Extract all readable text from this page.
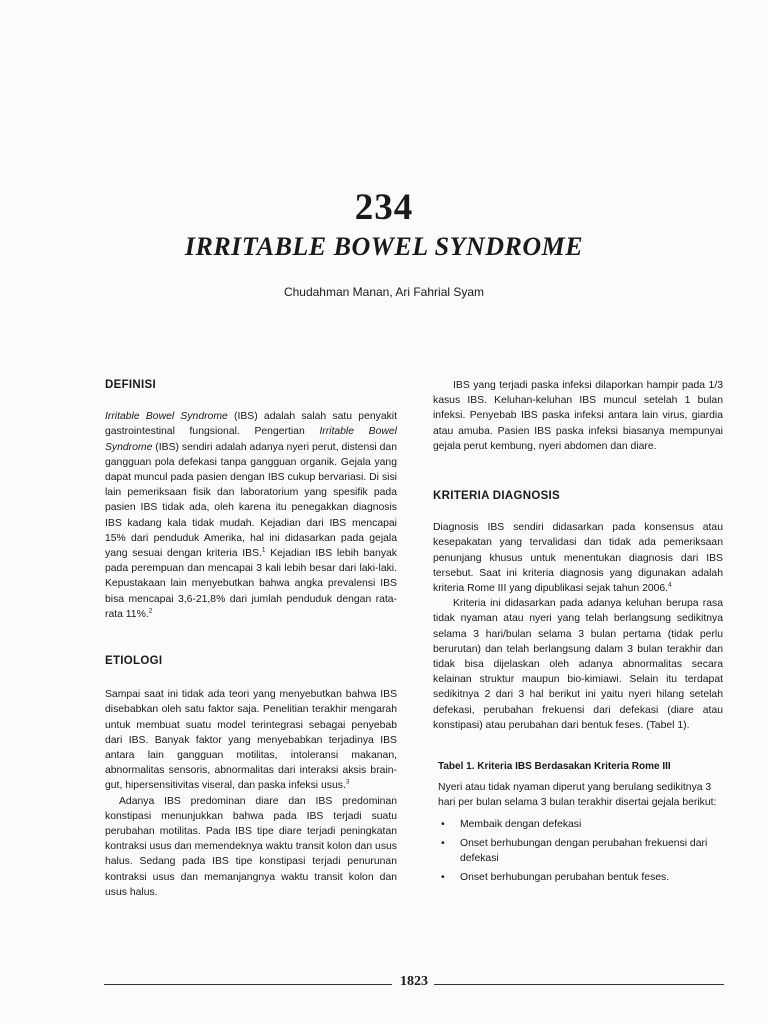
234
IRRITABLE BOWEL SYNDROME
Chudahman Manan, Ari Fahrial Syam
DEFINISI

Irritable Bowel Syndrome (IBS) adalah salah satu penyakit gastrointestinal fungsional. Pengertian Irritable Bowel Syndrome (IBS) sendiri adalah adanya nyeri perut, distensi dan gangguan pola defekasi tanpa gangguan organik. Gejala yang dapat muncul pada pasien dengan IBS cukup bervariasi. Di sisi lain pemeriksaan fisik dan laboratorium yang spesifik pada pasien IBS tidak ada, oleh karena itu penegakkan diagnosis IBS kadang kala tidak mudah. Kejadian dari IBS mencapai 15% dari penduduk Amerika, hal ini didasarkan pada gejala yang sesuai dengan kriteria IBS.$^1$ Kejadian IBS lebih banyak pada perempuan dan mencapai 3 kali lebih besar dari laki-laki. Kepustakaan lain menyebutkan bahwa angka prevalensi IBS bisa mencapai 3,6-21,8% dari jumlah penduduk dengan rata-rata 11%.$^2$

ETIOLOGI

Sampai saat ini tidak ada teori yang menyebutkan bahwa IBS disebabkan oleh satu faktor saja. Penelitian terakhir mengarah untuk membuat suatu model terintegrasi sebagai penyebab dari IBS. Banyak faktor yang menyebabkan terjadinya IBS antara lain gangguan motilitas, intoleransi makanan, abnormalitas sensoris, abnormalitas dari interaksi aksis brain-gut, hipersensitivitas viseral, dan paska infeksi usus.$^3$

Adanya IBS predominan diare dan IBS predominan konstipasi menunjukkan bahwa pada IBS terjadi suatu perubahan motilitas. Pada IBS tipe diare terjadi peningkatan kontraksi usus dan memendeknya waktu transit kolon dan usus halus. Sedang pada IBS tipe konstipasi terjadi penurunan kontraksi usus dan memanjangnya waktu transit kolon dan usus halus.

IBS yang terjadi paska infeksi dilaporkan hampir pada 1/3 kasus IBS. Keluhan-keluhan IBS muncul setelah 1 bulan infeksi. Penyebab IBS paska infeksi antara lain virus, giardia atau amuba. Pasien IBS paska infeksi biasanya mempunyai gejala perut kembung, nyeri abdomen dan diare.

KRITERIA DIAGNOSIS

Diagnosis IBS sendiri didasarkan pada konsensus atau kesepakatan yang tervalidasi dan tidak ada pemeriksaan penunjang khusus untuk menentukan diagnosis dari IBS tersebut. Saat ini kriteria diagnosis yang digunakan adalah kriteria Rome III yang dipublikasi sejak tahun 2006.$^4$

Kriteria ini didasarkan pada adanya keluhan berupa rasa tidak nyaman atau nyeri yang telah berlangsung sedikitnya selama 3 hari/bulan selama 3 bulan pertama (tidak perlu berurutan) dan telah berlangsung dalam 3 bulan terakhir dan tidak bisa dijelaskan oleh adanya abnormalitas secara kelainan struktur maupun bio-kimiawi. Selain itu terdapat sedikitnya 2 dari 3 hal berikut ini yaitu nyeri hilang setelah defekasi, perubahan frekuensi dari defekasi (diare atau konstipasi) atau perubahan dari bentuk feses. (Tabel 1).

Tabel 1. Kriteria IBS Berdasakan Kriteria Rome III

Nyeri atau tidak nyaman diperut yang berulang sedikitnya 3 hari per bulan selama 3 bulan terakhir disertai gejala berikut:

• Membaik dengan defekasi
• Onset berhubungan dengan perubahan frekuensi dari defekasi
• Onset berhubungan perubahan bentuk feses.
1823
